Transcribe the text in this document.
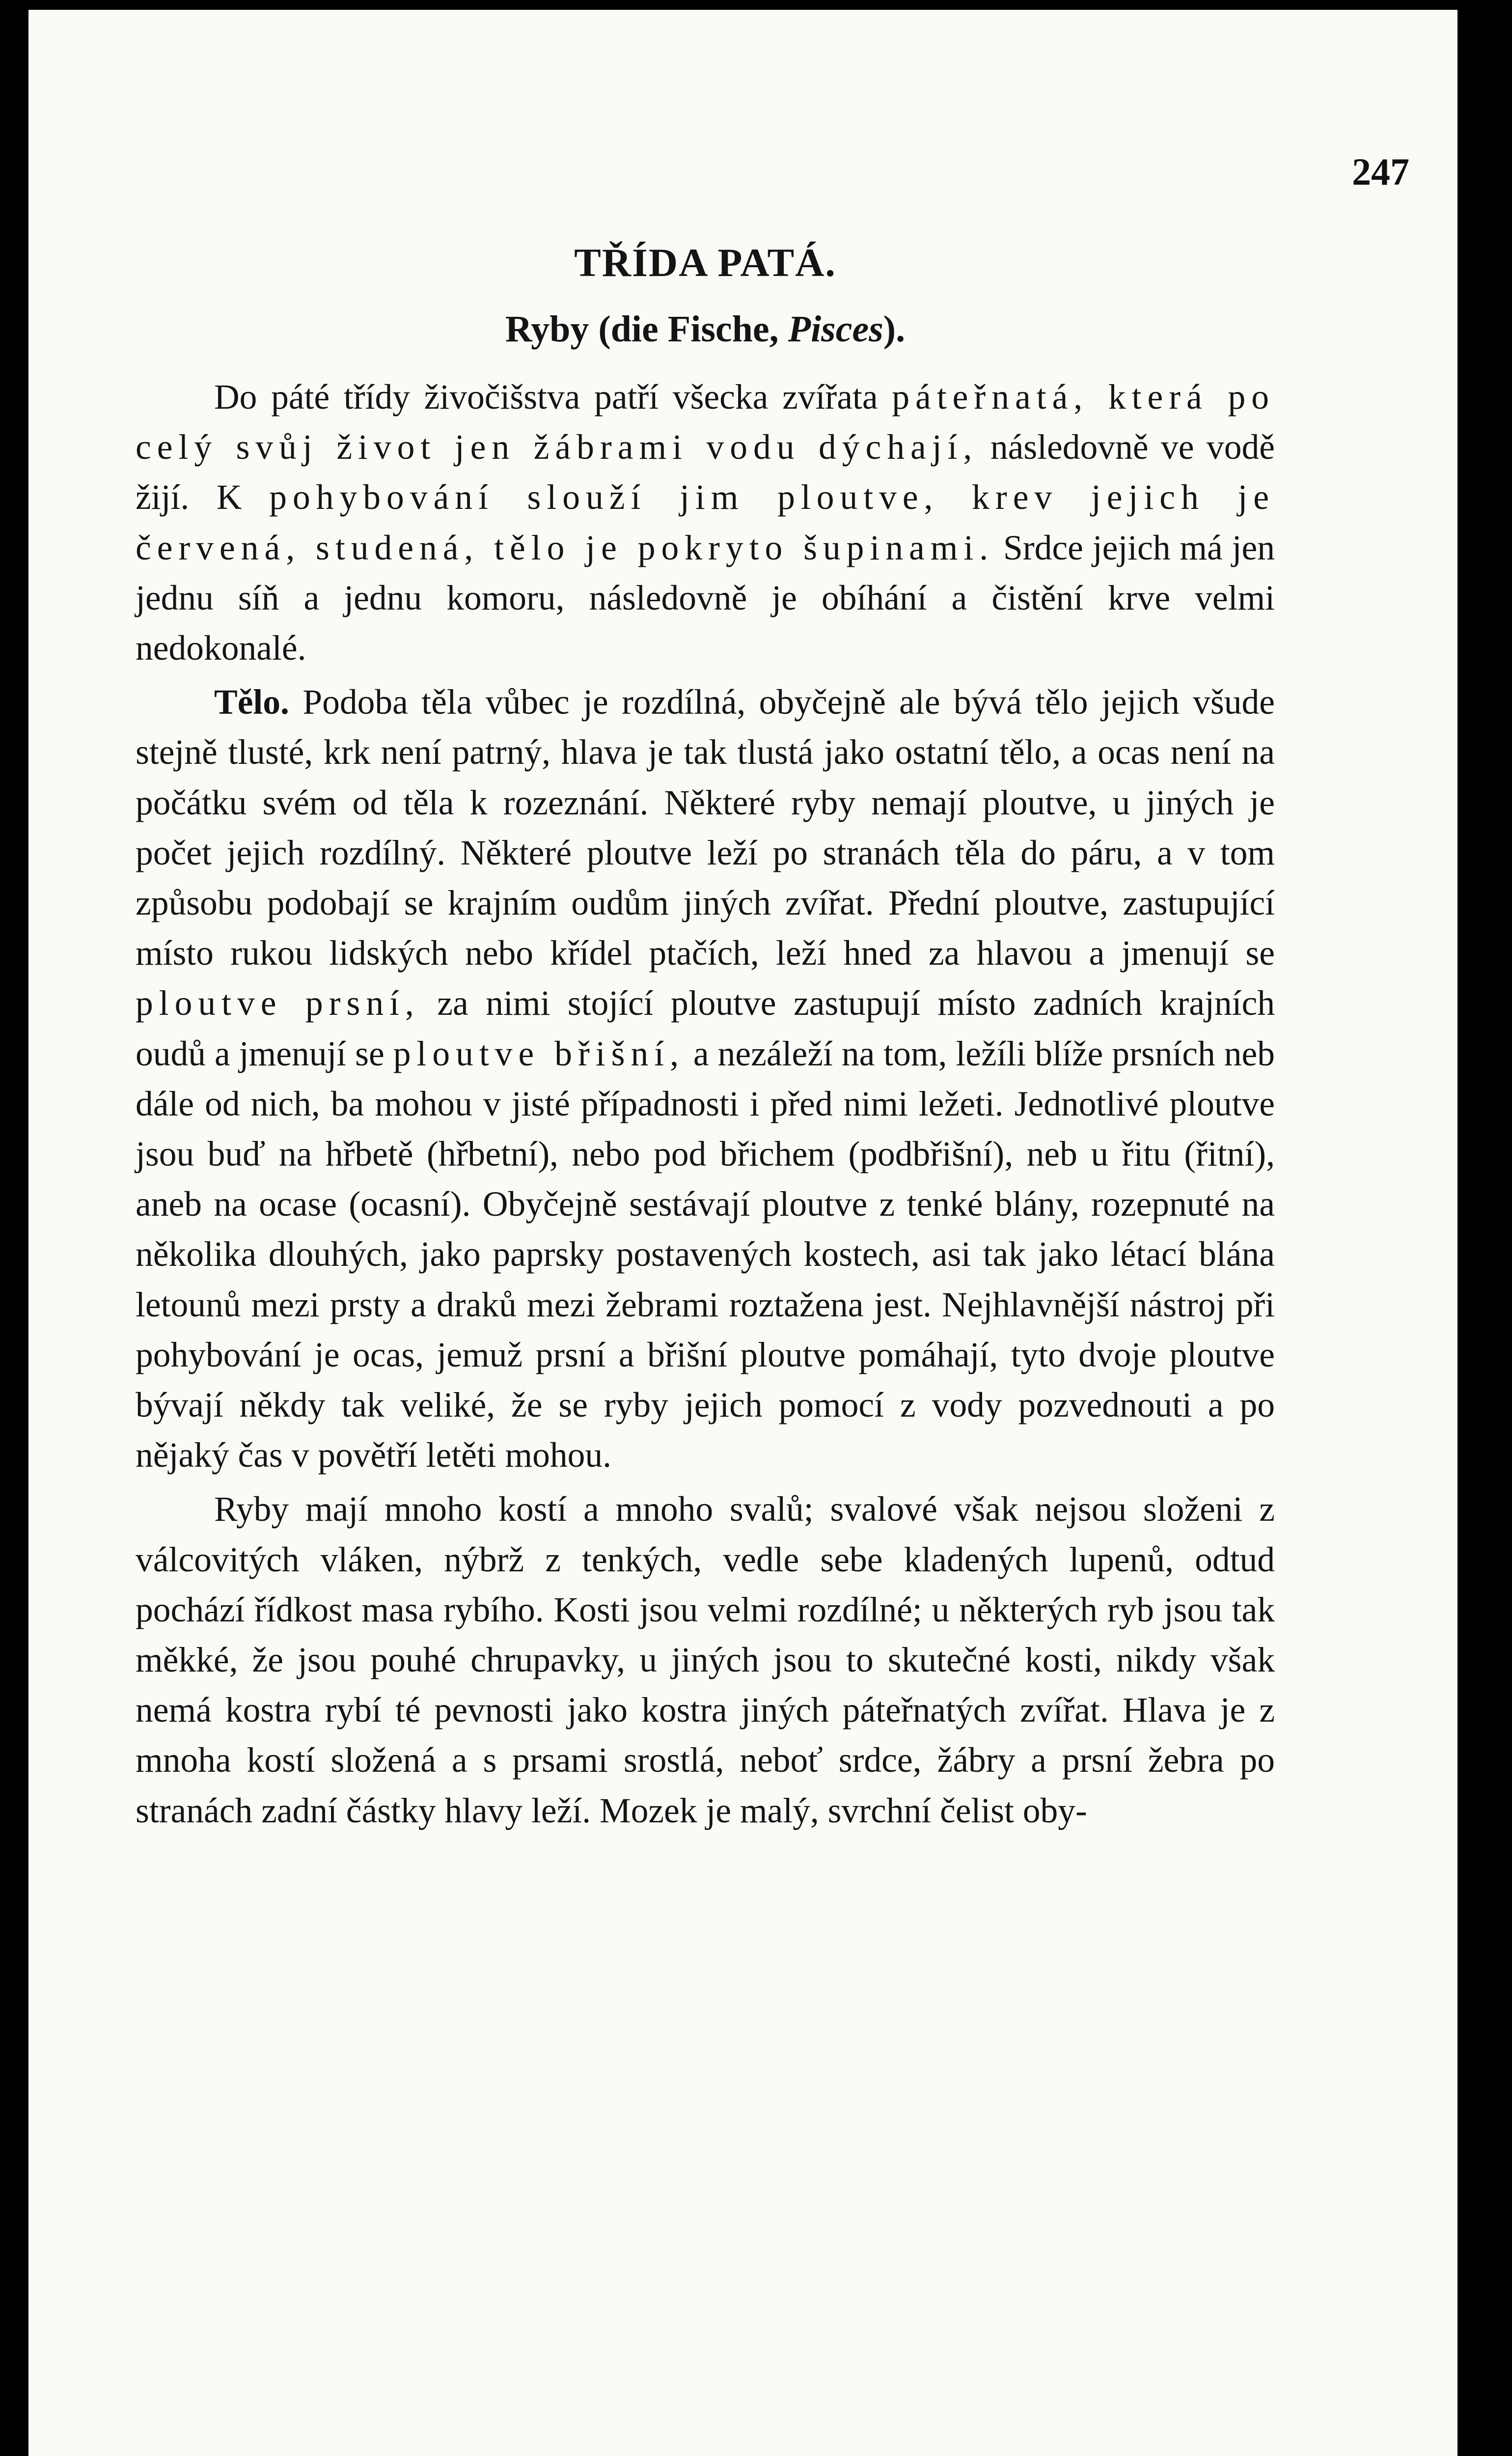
247

TŘÍDA PATÁ.
Ryby (die Fische, Pisces).

Do páté třídy živočišstva patří všecka zvířata páteřnatá, která po celý svůj život jen žábrami vodu dýchají, následovně ve vodě žijí. K pohybování slouží jim ploutve, krev jejich je červená, studená, tělo je pokryto šupinami. Srdce jejich má jen jednu síň a jednu komoru, následovně je obíhání a čistění krve velmi nedokonalé.

Tělo. Podoba těla vůbec je rozdílná, obyčejně ale bývá tělo jejich všude stejně tlusté, krk není patrný, hlava je tak tlustá jako ostatní tělo, a ocas není na počátku svém od těla k rozeznání. Některé ryby nemají ploutve, u jiných je počet jejich rozdílný. Některé ploutve leží po stranách těla do páru, a v tom způsobu podobají se krajním oudům jiných zvířat. Přední ploutve, zastupující místo rukou lidských nebo křídel ptačích, leží hned za hlavou a jmenují se ploutve prsní, za nimi stojící ploutve zastupují místo zadních krajních oudů a jmenují se ploutve břišní, a nezáleží na tom, ležíli blíže prsních neb dále od nich, ba mohou v jisté případnosti i před nimi ležeti. Jednotlivé ploutve jsou buď na hřbetě (hřbetní), nebo pod břichem (podbřišní), neb u řitu (řitní), aneb na ocase (ocasní). Obyčejně sestávají ploutve z tenké blány, rozepnuté na několika dlouhých, jako paprsky postavených kostech, asi tak jako létací blána letounů mezi prsty a draků mezi žebrami roztažena jest. Nejhlavnější nástroj při pohybování je ocas, jemuž prsní a břišní ploutve pomáhají, tyto dvoje ploutve bývají někdy tak veliké, že se ryby jejich pomocí z vody pozvednouti a po nějaký čas v povětří letěti mohou.

Ryby mají mnoho kostí a mnoho svalů; svalové však nejsou složeni z válcovitých vláken, nýbrž z tenkých, vedle sebe kladených lupenů, odtud pochází řídkost masa rybího. Kosti jsou velmi rozdílné; u některých ryb jsou tak měkké, že jsou pouhé chrupavky, u jiných jsou to skutečné kosti, nikdy však nemá kostra rybí té pevnosti jako kostra jiných páteřnatých zvířat. Hlava je z mnoha kostí složená a s prsami srostlá, neboť srdce, žábry a prsní žebra po stranách zadní částky hlavy leží. Mozek je malý, svrchní čelist oby-
